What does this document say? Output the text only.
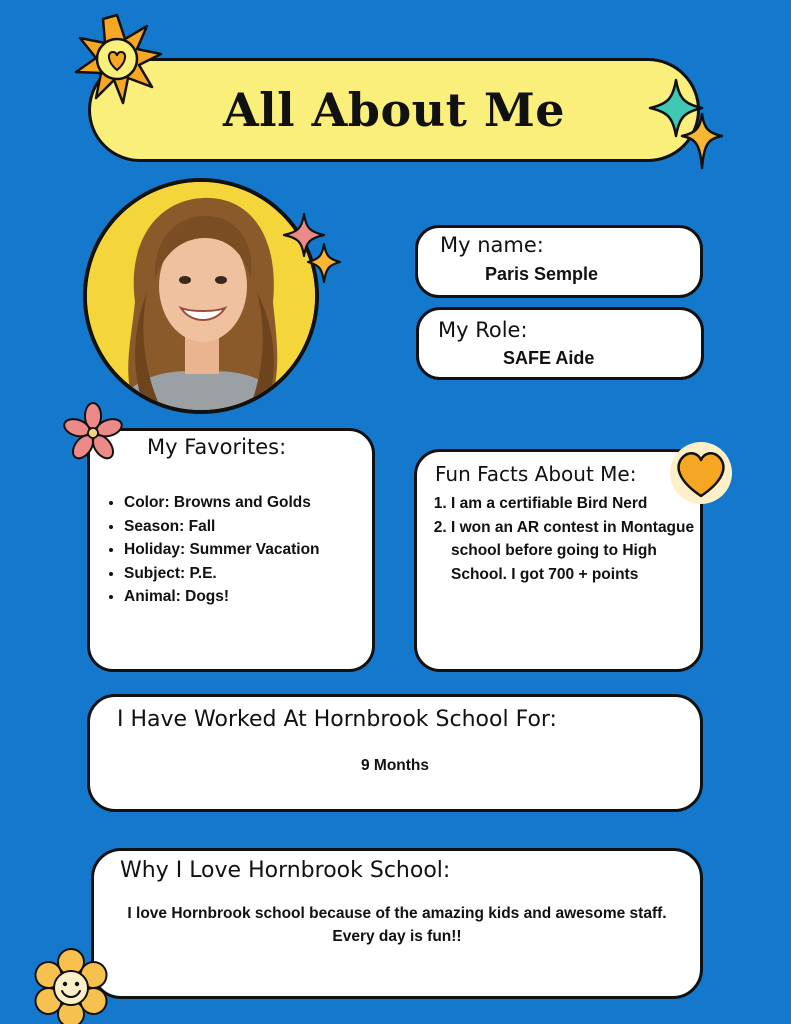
All About Me
My name:
Paris Semple
My Role:
SAFE Aide
My Favorites:
• Color: Browns and Golds
• Season: Fall
• Holiday: Summer Vacation
• Subject: P.E.
• Animal: Dogs!
Fun Facts About Me:
1. I am a certifiable Bird Nerd
2. I won an AR contest in Montague school before going to High School. I got 700 + points
I Have Worked At Hornbrook School For:
9 Months
Why I Love Hornbrook School:
I love Hornbrook school because of the amazing kids and awesome staff. Every day is fun!!
